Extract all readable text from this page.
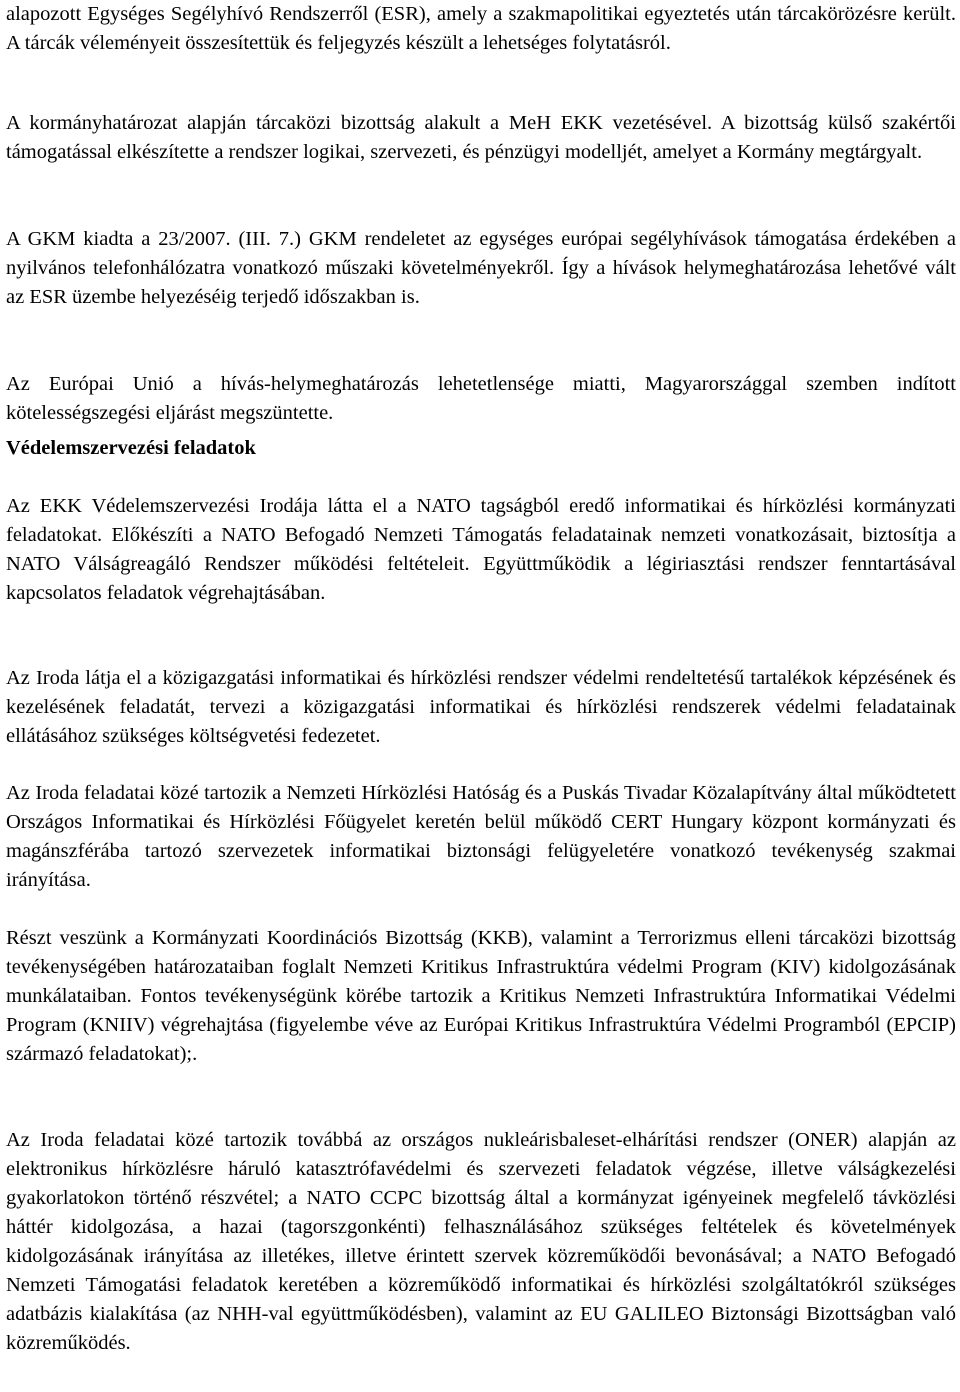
alapozott Egységes Segélyhívó Rendszerről (ESR), amely a szakmapolitikai egyeztetés után tárcakörözésre került. A tárcák véleményeit összesítettük és feljegyzés készült a lehetséges folytatásról.

A kormányhatározat alapján tárcaközi bizottság alakult a MeH EKK vezetésével. A bizottság külső szakértői támogatással elkészítette a rendszer logikai, szervezeti, és pénzügyi modelljét, amelyet a Kormány megtárgyalt.

A GKM kiadta a 23/2007. (III. 7.) GKM rendeletet az egységes európai segélyhívások támogatása érdekében a nyilvános telefonhálózatra vonatkozó műszaki követelményekről. Így a hívások helymeghatározása lehetővé vált az ESR üzembe helyezéséig terjedő időszakban is.

Az Európai Unió a hívás-helymeghatározás lehetetlensége miatti, Magyarországgal szemben indított kötelességszegési eljárást megszüntette.

Védelemszervezési feladatok

Az EKK Védelemszervezési Irodája látta el a NATO tagságból eredő informatikai és hírközlési kormányzati feladatokat. Előkészíti a NATO Befogadó Nemzeti Támogatás feladatainak nemzeti vonatkozásait, biztosítja a NATO Válságreagáló Rendszer működési feltételeit. Együttműködik a légiriasztási rendszer fenntartásával kapcsolatos feladatok végrehajtásában.

Az Iroda látja el a közigazgatási informatikai és hírközlési rendszer védelmi rendeltetésű tartalékok képzésének és kezelésének feladatát, tervezi a közigazgatási informatikai és hírközlési rendszerek védelmi feladatainak ellátásához szükséges költségvetési fedezetet.

Az Iroda feladatai közé tartozik a Nemzeti Hírközlési Hatóság és a Puskás Tivadar Közalapítvány által működtetett Országos Informatikai és Hírközlési Főügyelet keretén belül működő CERT Hungary központ kormányzati és magánszférába tartozó szervezetek informatikai biztonsági felügyeletére vonatkozó tevékenység szakmai irányítása.

Részt veszünk a Kormányzati Koordinációs Bizottság (KKB), valamint a Terrorizmus elleni tárcaközi bizottság tevékenységében határozataiban foglalt Nemzeti Kritikus Infrastruktúra védelmi Program (KIV) kidolgozásának munkálataiban. Fontos tevékenységünk körébe tartozik a Kritikus Nemzeti Infrastruktúra Informatikai Védelmi Program (KNIIV) végrehajtása (figyelembe véve az Európai Kritikus Infrastruktúra Védelmi Programból (EPCIP) származó feladatokat);.

Az Iroda feladatai közé tartozik továbbá az országos nukleárisbaleset-elhárítási rendszer (ONER) alapján az elektronikus hírközlésre háruló katasztrófavédelmi és szervezeti feladatok végzése, illetve válságkezelési gyakorlatokon történő részvétel; a NATO CCPC bizottság által a kormányzat igényeinek megfelelő távközlési háttér kidolgozása, a hazai (tagorszgonkénti) felhasználásához szükséges feltételek és követelmények kidolgozásának irányítása az illetékes, illetve érintett szervek közreműködői bevonásával; a NATO Befogadó Nemzeti Támogatási feladatok keretében a közreműködő informatikai és hírközlési szolgáltatókról szükséges adatbázis kialakítása (az NHH-val együttműködésben), valamint az EU GALILEO Biztonsági Bizottságban való közreműködés.
